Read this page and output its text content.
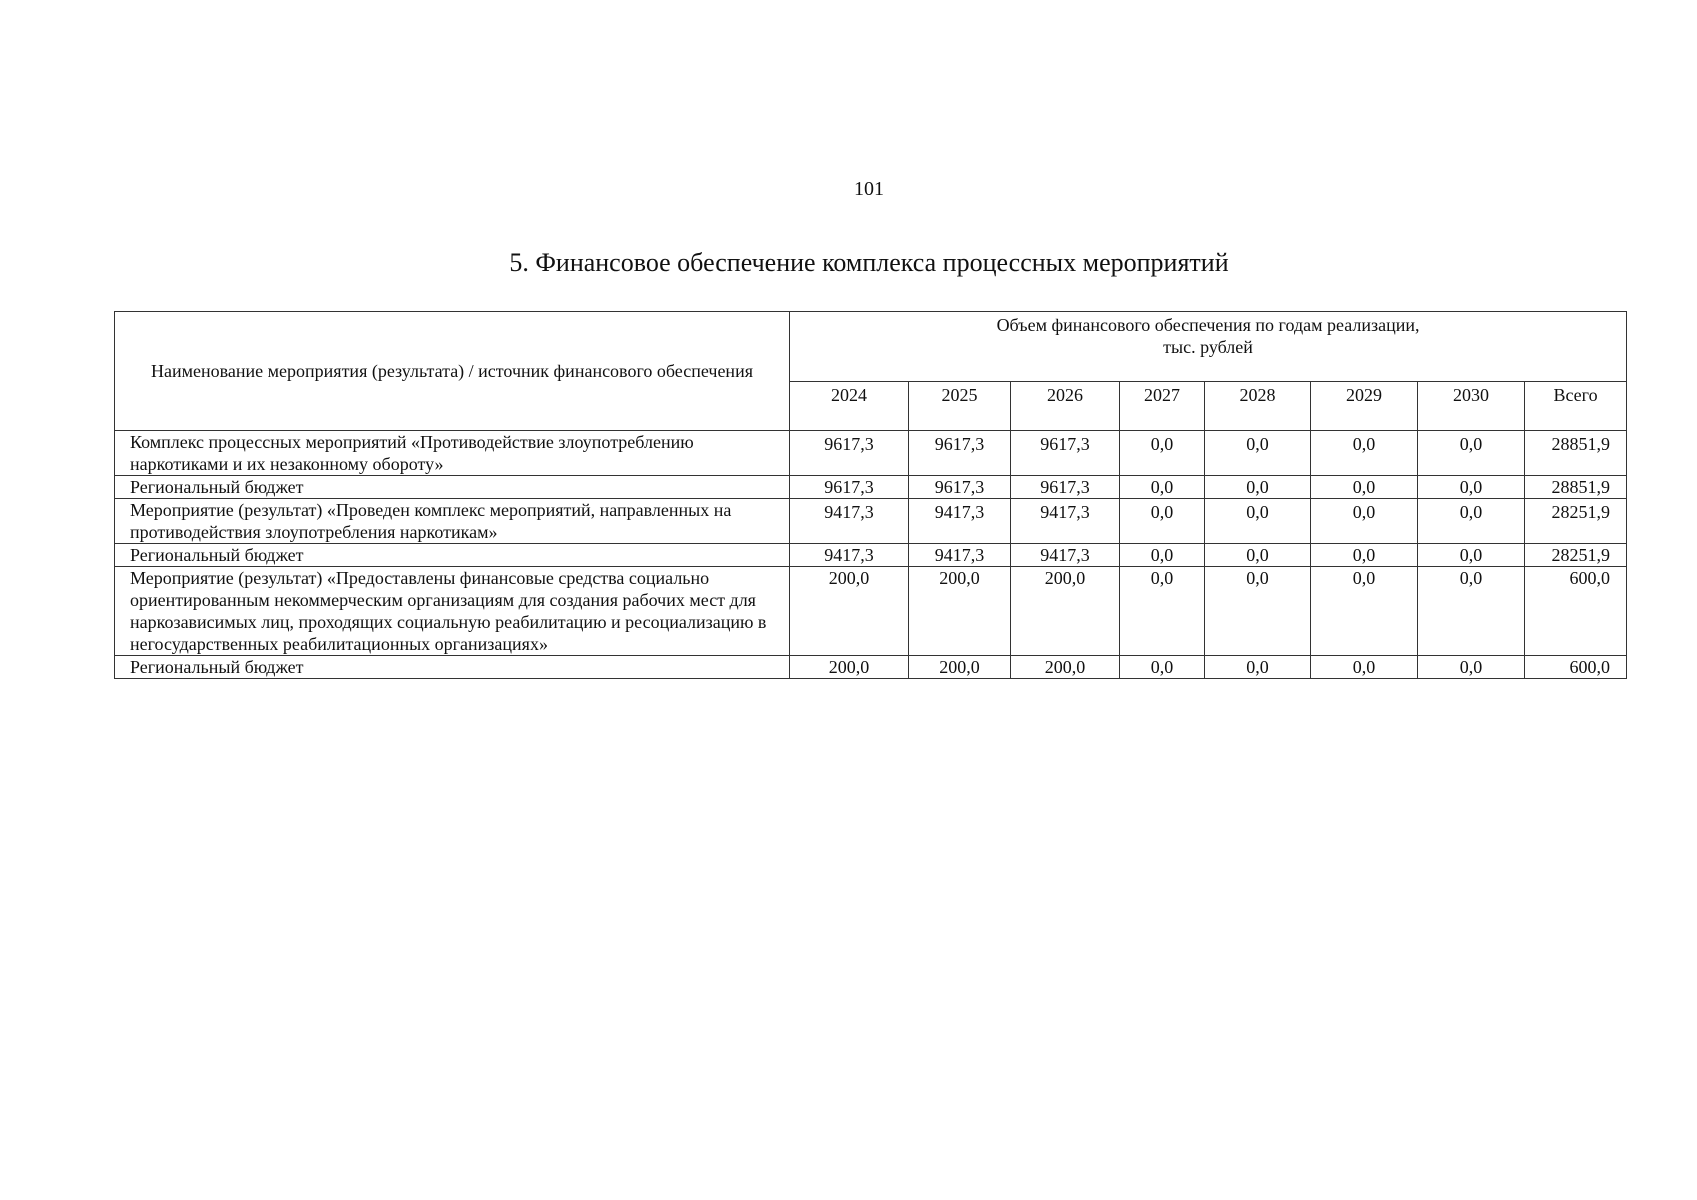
101
5. Финансовое обеспечение комплекса процессных мероприятий
Наименование мероприятия (результата) / источник финансового обеспечения	Объем финансового обеспечения по годам реализации,
тыс. рублей							

	2024	2025	2026	2027	2028	2029	2030	Всего
Комплекс процессных мероприятий «Противодействие злоупотреблению наркотиками и их незаконному обороту»	9617,3	9617,3	9617,3	0,0	0,0	0,0	0,0	28851,9
Региональный бюджет	9617,3	9617,3	9617,3	0,0	0,0	0,0	0,0	28851,9
Мероприятие (результат) «Проведен комплекс мероприятий, направленных на противодействия злоупотребления наркотикам»	9417,3	9417,3	9417,3	0,0	0,0	0,0	0,0	28251,9
Региональный бюджет	9417,3	9417,3	9417,3	0,0	0,0	0,0	0,0	28251,9
Мероприятие (результат) «Предоставлены финансовые средства социально ориентированным некоммерческим организациям для создания рабочих мест для наркозависимых лиц, проходящих социальную реабилитацию и ресоциализацию в негосударственных реабилитационных организациях»	200,0	200,0	200,0	0,0	0,0	0,0	0,0	600,0
Региональный бюджет	200,0	200,0	200,0	0,0	0,0	0,0	0,0	600,0
